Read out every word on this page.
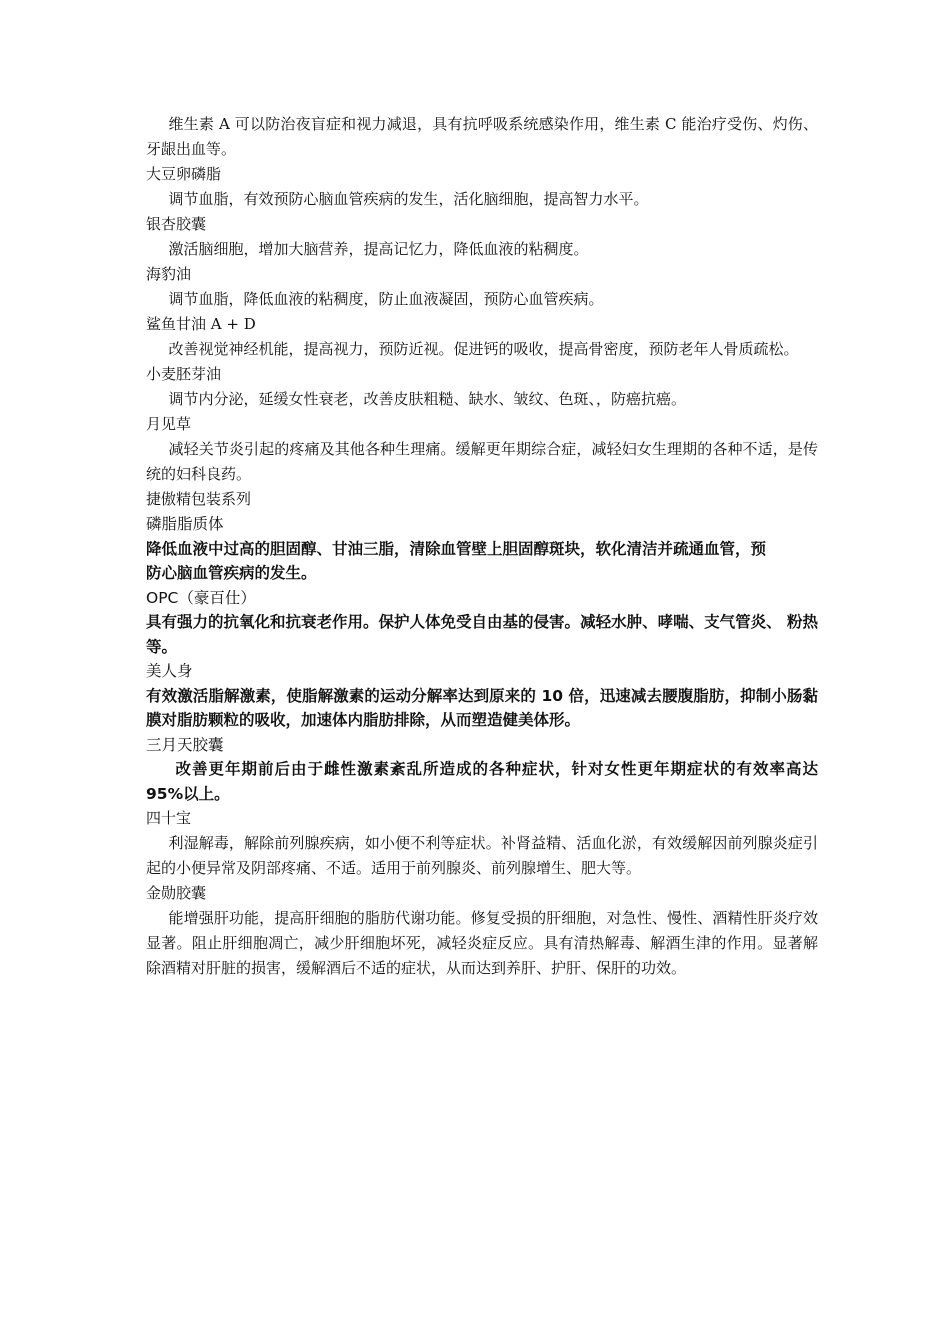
维生素 A 可以防治夜盲症和视力减退，具有抗呼吸系统感染作用，维生素 C 能治疗受伤、灼伤、牙龈出血等。

大豆卵磷脂

调节血脂，有效预防心脑血管疾病的发生，活化脑细胞，提高智力水平。

银杏胶囊

激活脑细胞，增加大脑营养，提高记忆力，降低血液的粘稠度。

海豹油

调节血脂，降低血液的粘稠度，防止血液凝固，预防心血管疾病。

鲨鱼甘油 A + D

改善视觉神经机能，提高视力，预防近视。促进钙的吸收，提高骨密度，预防老年人骨质疏松。

小麦胚芽油

调节内分泌，延缓女性衰老，改善皮肤粗糙、缺水、皱纹、色斑、，防癌抗癌。

月见草

减轻关节炎引起的疼痛及其他各种生理痛。缓解更年期综合症，减轻妇女生理期的各种不适，是传统的妇科良药。

捷傲精包装系列

磷脂脂质体

降低血液中过高的胆固醇、甘油三脂，清除血管壁上胆固醇斑块，软化清洁并疏通血管，预

防心脑血管疾病的发生。

OPC（豪百仕）

具有强力的抗氧化和抗衰老作用。保护人体免受自由基的侵害。减轻水肿、哮喘、支气管炎、 粉热等。

美人身

有效激活脂解激素，使脂解激素的运动分解率达到原来的 10 倍，迅速减去腰腹脂肪，抑制小肠黏膜对脂肪颗粒的吸收，加速体内脂肪排除，从而塑造健美体形。

三月天胶囊

改善更年期前后由于雌性激素紊乱所造成的各种症状，针对女性更年期症状的有效率高达 95%以上。

四十宝

利湿解毒，解除前列腺疾病，如小便不利等症状。补肾益精、活血化淤，有效缓解因前列腺炎症引起的小便异常及阴部疼痛、不适。适用于前列腺炎、前列腺增生、肥大等。

金勋胶囊

能增强肝功能，提高肝细胞的脂肪代谢功能。修复受损的肝细胞，对急性、慢性、酒精性肝炎疗效显著。阻止肝细胞凋亡，减少肝细胞坏死，减轻炎症反应。具有清热解毒、解酒生津的作用。显著解除酒精对肝脏的损害，缓解酒后不适的症状，从而达到养肝、护肝、保肝的功效。
